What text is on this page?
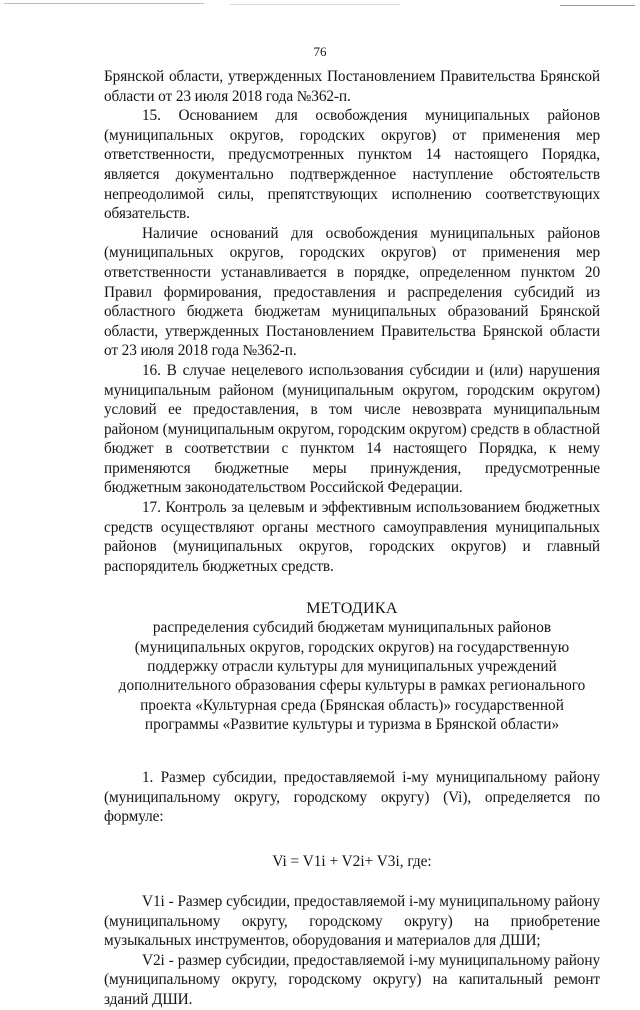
76

Брянской области, утвержденных Постановлением Правительства Брянской области от 23 июля 2018 года №362-п.

15. Основанием для освобождения муниципальных районов (муниципальных округов, городских округов) от применения мер ответственности, предусмотренных пунктом 14 настоящего Порядка, является документально подтвержденное наступление обстоятельств непреодолимой силы, препятствующих исполнению соответствующих обязательств.

Наличие оснований для освобождения муниципальных районов (муниципальных округов, городских округов) от применения мер ответственности устанавливается в порядке, определенном пунктом 20 Правил формирования, предоставления и распределения субсидий из областного бюджета бюджетам муниципальных образований Брянской области, утвержденных Постановлением Правительства Брянской области от 23 июля 2018 года №362-п.

16. В случае нецелевого использования субсидии и (или) нарушения муниципальным районом (муниципальным округом, городским округом) условий ее предоставления, в том числе невозврата муниципальным районом (муниципальным округом, городским округом) средств в областной бюджет в соответствии с пунктом 14 настоящего Порядка, к нему применяются бюджетные меры принуждения, предусмотренные бюджетным законодательством Российской Федерации.

17. Контроль за целевым и эффективным использованием бюджетных средств осуществляют органы местного самоуправления муниципальных районов (муниципальных округов, городских округов) и главный распорядитель бюджетных средств.

МЕТОДИКА
распределения субсидий бюджетам муниципальных районов (муниципальных округов, городских округов) на государственную поддержку отрасли культуры для муниципальных учреждений дополнительного образования сферы культуры в рамках регионального проекта «Культурная среда (Брянская область)» государственной программы «Развитие культуры и туризма в Брянской области»

1. Размер субсидии, предоставляемой i-му муниципальному району (муниципальному округу, городскому округу) (Vi), определяется по формуле:

Vi = V1i + V2i+ V3i, где:

V1i - Размер субсидии, предоставляемой i-му муниципальному району (муниципальному округу, городскому округу) на приобретение музыкальных инструментов, оборудования и материалов для ДШИ;

V2i - размер субсидии, предоставляемой i-му муниципальному району (муниципальному округу, городскому округу) на капитальный ремонт зданий ДШИ.
